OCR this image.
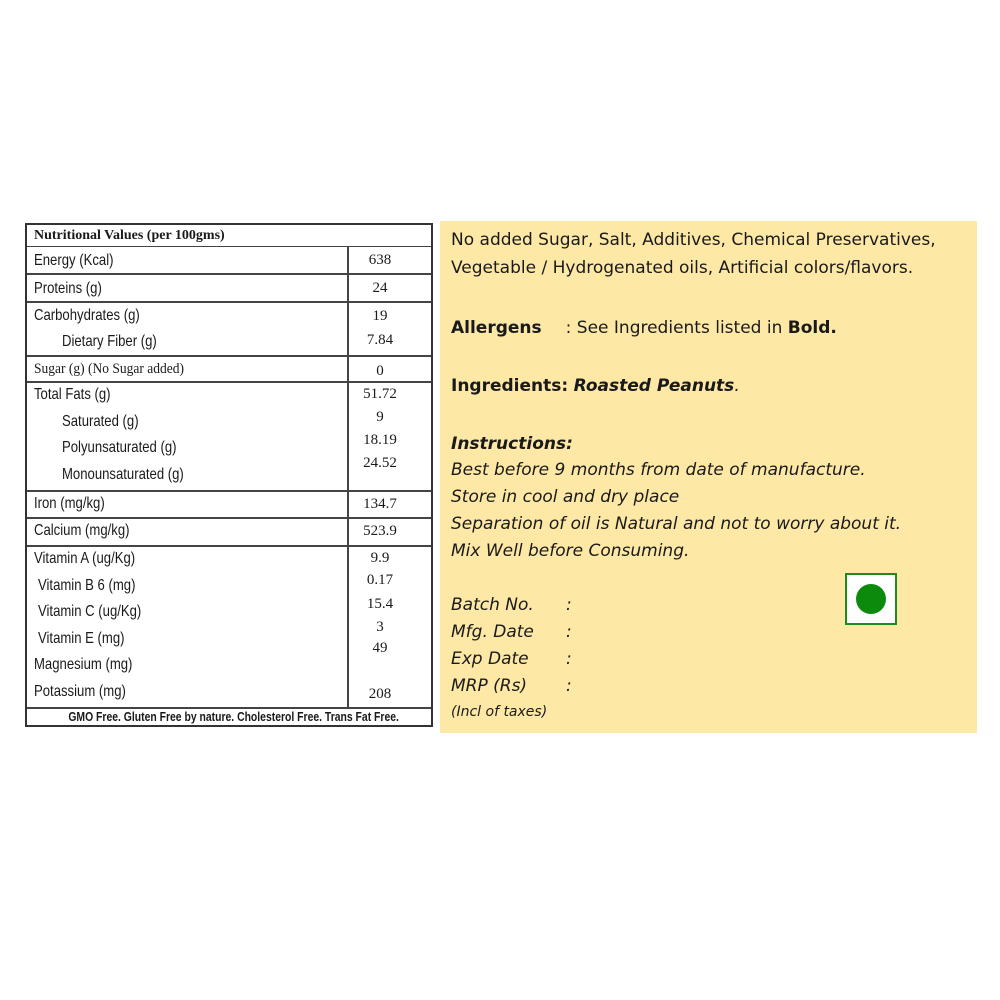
Nutritional Values (per 100gms)
Energy (Kcal)
Proteins (g)
Carbohydrates (g)
Dietary Fiber (g)
Sugar (g) (No Sugar added)
Total Fats (g)
Saturated (g)
Polyunsaturated (g)
Monounsaturated (g)
Iron (mg/kg)
Calcium (mg/kg)
Vitamin A (ug/Kg)
Vitamin B 6 (mg)
Vitamin C (ug/Kg)
Vitamin E (mg)
Magnesium (mg)
Potassium (mg)
638
24
19
7.84
0
51.72
9
18.19
24.52
134.7
523.9
9.9
0.17
15.4
3
49
208
GMO Free. Gluten Free by nature. Cholesterol Free. Trans Fat Free.
No added Sugar, Salt, Additives, Chemical Preservatives,
Vegetable / Hydrogenated oils, Artificial colors/flavors.
Allergens : See Ingredients listed in Bold.
Ingredients: Roasted Peanuts.
Instructions:
Best before 9 months from date of manufacture.
Store in cool and dry place
Separation of oil is Natural and not to worry about it.
Mix Well before Consuming.
Batch No. :
Mfg. Date :
Exp Date :
MRP (Rs) :
(Incl of taxes)
